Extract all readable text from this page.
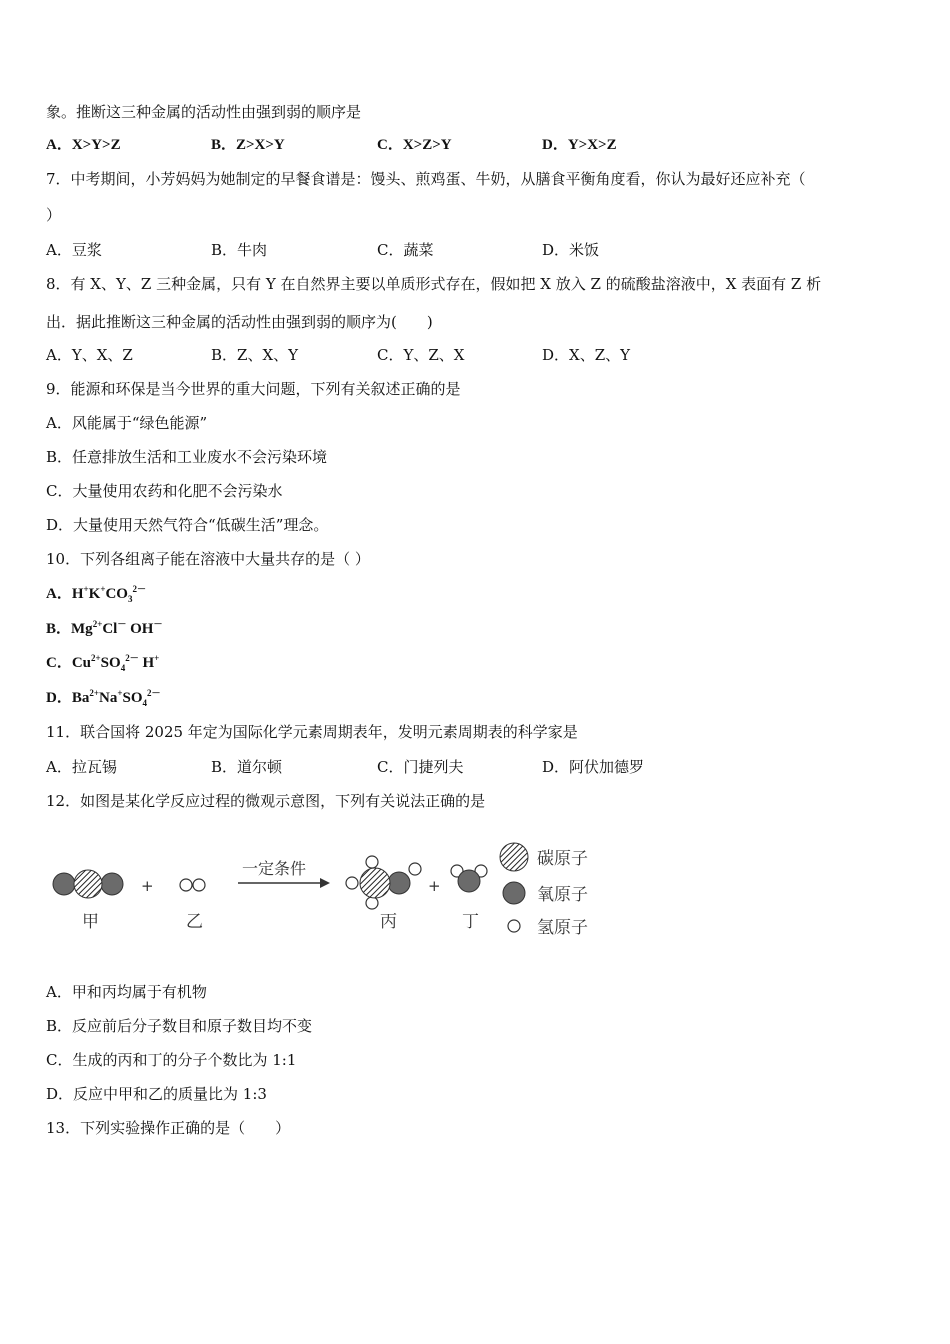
象。推断这三种金属的活动性由强到弱的顺序是
A．X>Y>Z	B．Z>X>Y	C．X>Z>Y	D．Y>X>Z
7．中考期间，小芳妈妈为她制定的早餐食谱是：馒头、煎鸡蛋、牛奶，从膳食平衡角度看，你认为最好还应补充（
）
A．豆浆	B．牛肉	C．蔬菜	D．米饭
8．有 X、Y、Z 三种金属，只有 Y 在自然界主要以单质形式存在，假如把 X 放入 Z 的硫酸盐溶液中，X 表面有 Z 析
出．据此推断这三种金属的活动性由强到弱的顺序为(　　)
A．Y、X、Z	B．Z、X、Y	C．Y、Z、X	D．X、Z、Y
9．能源和环保是当今世界的重大问题，下列有关叙述正确的是
A．风能属于“绿色能源”
B．任意排放生活和工业废水不会污染环境
C．大量使用农药和化肥不会污染水
D．大量使用天然气符合“低碳生活”理念。
10．下列各组离子能在溶液中大量共存的是（ ）
A．$H^+K^+CO_3^{2-}$
B．$Mg^{2+}Cl^-$ OH－
C．$Cu^{2+}SO_4^{2-}$ H+
D．$Ba^{2+}Na^+SO_4^{2-}$
11．联合国将 2025 年定为国际化学元素周期表年，发明元素周期表的科学家是
A．拉瓦锡	B．道尔顿	C．门捷列夫	D．阿伏加德罗
12．如图是某化学反应过程的微观示意图，下列有关说法正确的是
甲
+
乙
一定条件
丙
+
丁
碳原子
氧原子
氢原子
A．甲和丙均属于有机物
B．反应前后分子数目和原子数目均不变
C．生成的丙和丁的分子个数比为 1:1
D．反应中甲和乙的质量比为 1:3
13．下列实验操作正确的是（　　）
